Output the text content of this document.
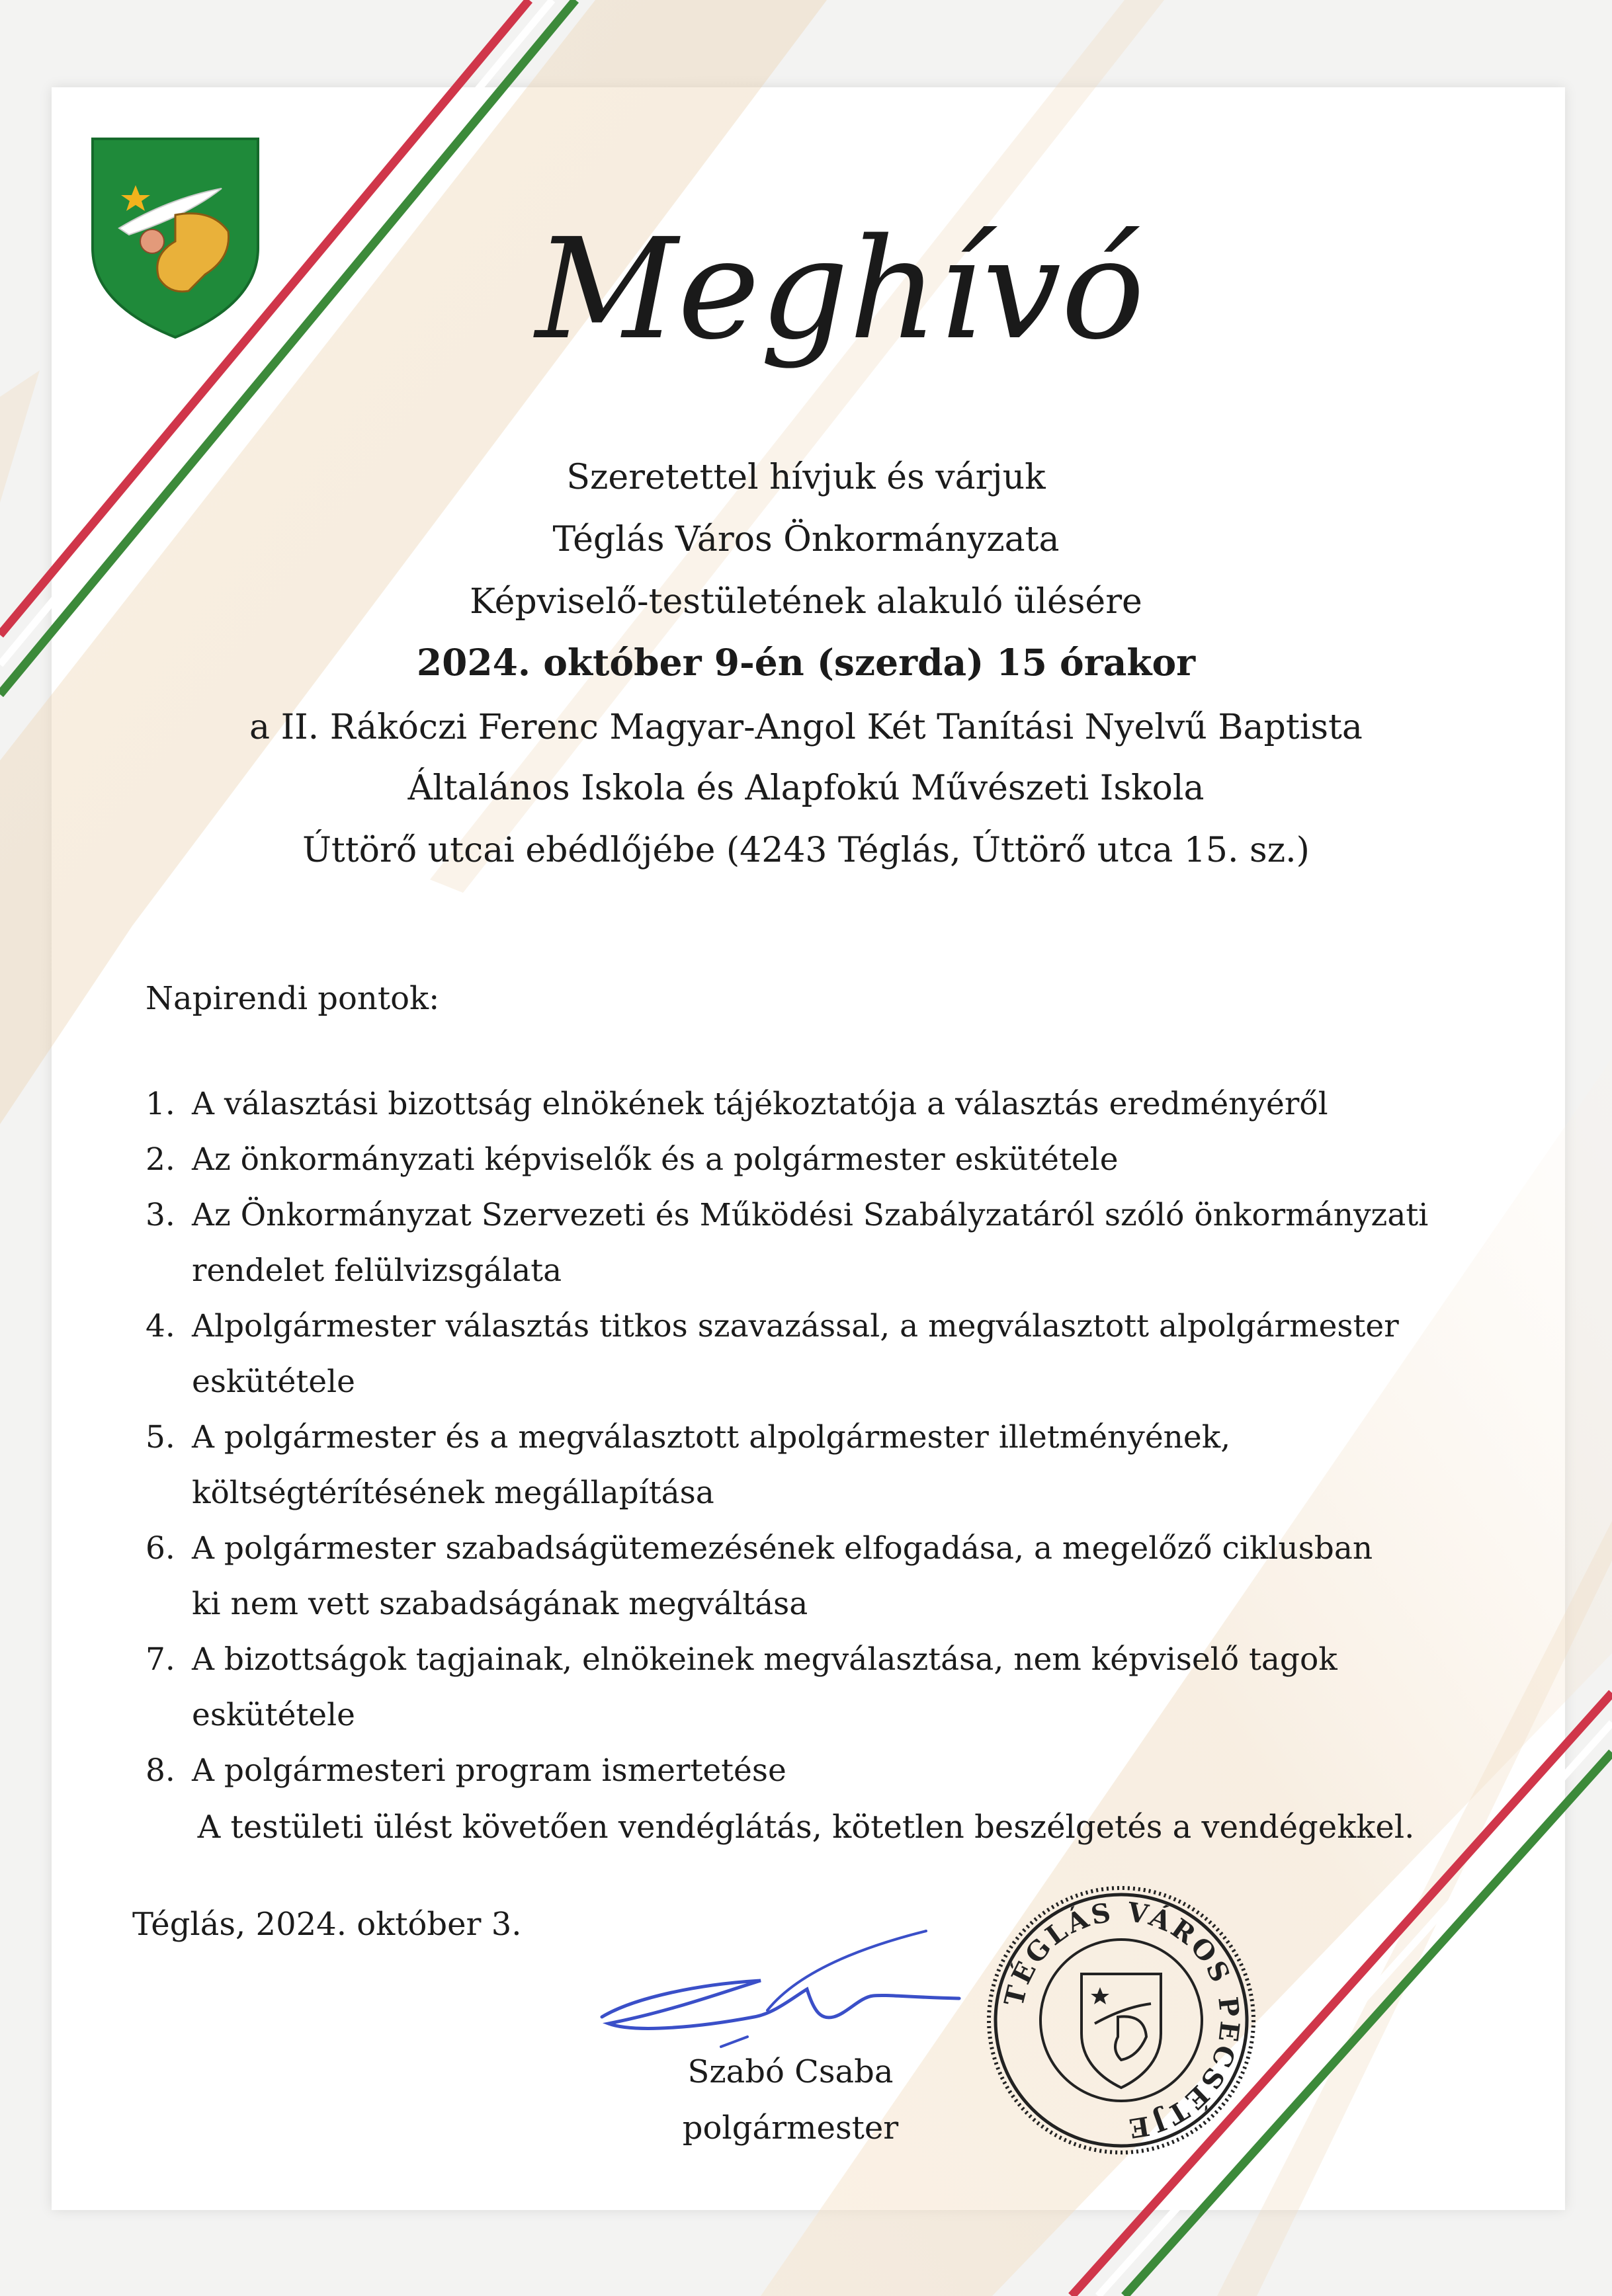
Meghívó

Szeretettel hívjuk és várjuk

Téglás Város Önkormányzata

Képviselő-testületének alakuló ülésére

2024. október 9-én (szerda) 15 órakor

a II. Rákóczi Ferenc Magyar-Angol Két Tanítási Nyelvű Baptista

Általános Iskola és Alapfokú Művészeti Iskola

Úttörő utcai ebédlőjébe (4243 Téglás, Úttörő utca 15. sz.)

Napirendi pontok:

1. A választási bizottság elnökének tájékoztatója a választás eredményéről
2. Az önkormányzati képviselők és a polgármester eskütétele
3. Az Önkormányzat Szervezeti és Működési Szabályzatáról szóló önkormányzati
rendelet felülvizsgálata
4. Alpolgármester választás titkos szavazással, a megválasztott alpolgármester
eskütétele
5. A polgármester és a megválasztott alpolgármester illetményének,
költségtérítésének megállapítása
6. A polgármester szabadságütemezésének elfogadása, a megelőző ciklusban
ki nem vett szabadságának megváltása
7. A bizottságok tagjainak, elnökeinek megválasztása, nem képviselő tagok
eskütétele
8. A polgármesteri program ismertetése

A testületi ülést követően vendéglátás, kötetlen beszélgetés a vendégekkel.

Téglás, 2024. október 3.

Szabó Csaba

polgármester

TÉGLÁS VÁROS PECSÉTJE
